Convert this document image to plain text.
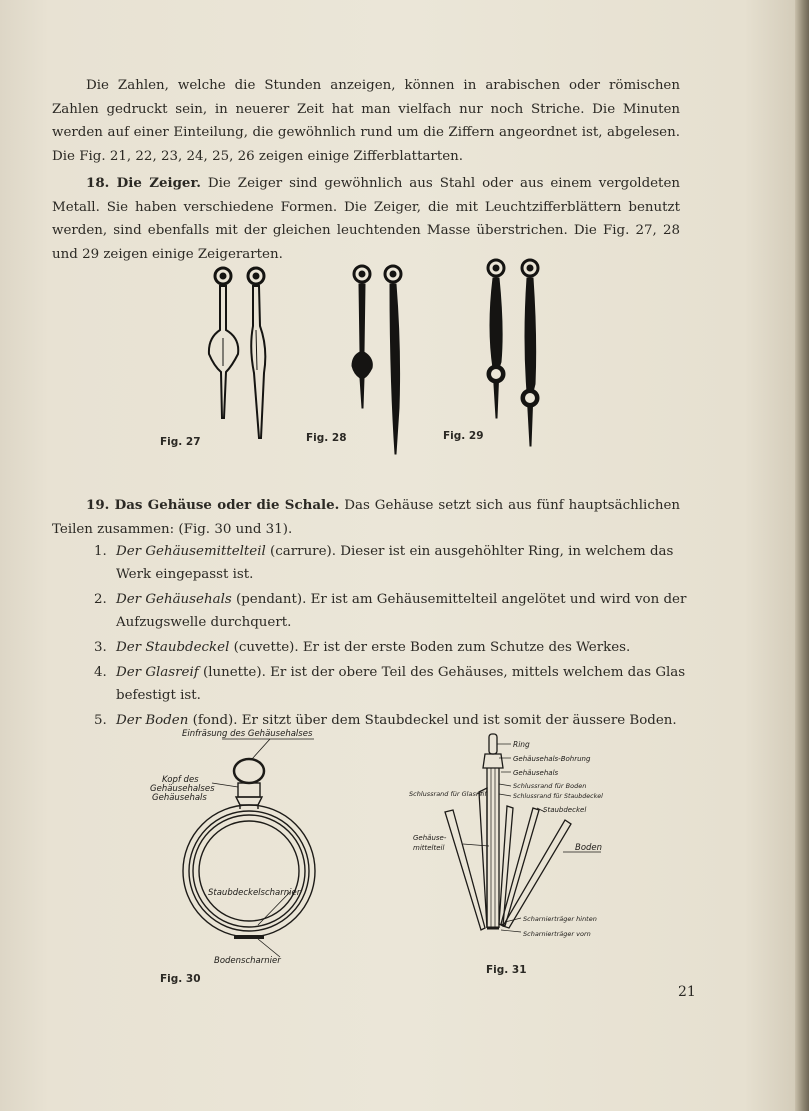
Die Zahlen, welche die Stunden anzeigen, können in arabischen oder römischen Zahlen gedruckt sein, in neuerer Zeit hat man vielfach nur noch Striche. Die Minuten werden auf einer Einteilung, die gewöhnlich rund um die Ziffern angeordnet ist, abgelesen. Die Fig. 21, 22, 23, 24, 25, 26 zeigen einige Zifferblattarten.
18. Die Zeiger. Die Zeiger sind gewöhnlich aus Stahl oder aus einem vergoldeten Metall. Sie haben verschiedene Formen. Die Zeiger, die mit Leuchtzifferblättern benutzt werden, sind ebenfalls mit der gleichen leuchtenden Masse überstrichen. Die Fig. 27, 28 und 29 zeigen einige Zeigerarten.
Fig. 27	Fig. 28	Fig. 29
19. Das Gehäuse oder die Schale. Das Gehäuse setzt sich aus fünf hauptsächlichen Teilen zusammen: (Fig. 30 und 31).
1. Der Gehäusemittelteil (carrure). Dieser ist ein ausgehöhlter Ring, in welchem das Werk eingepasst ist.
2. Der Gehäusehals (pendant). Er ist am Gehäusemittelteil angelötet und wird von der Aufzugswelle durchquert.
3. Der Staubdeckel (cuvette). Er ist der erste Boden zum Schutze des Werkes.
4. Der Glasreif (lunette). Er ist der obere Teil des Gehäuses, mittels welchem das Glas befestigt ist.
5. Der Boden (fond). Er sitzt über dem Staubdeckel und ist somit der äussere Boden.
Einfräsung des Gehäusehalses
Kopf des
Gehäusehalses
Gehäusehals
Staubdeckelscharnier
Bodenscharnier
Fig. 30
Ring
Gehäusehals-Bohrung
Gehäusehals
Schlussrand für Boden
Schlussrand für Staubdeckel
Schlussrand für Glasreif
Staubdeckel
Gehäuse-
mittelteil	Boden
Scharnierträger hinten
Scharnierträger vorn
Fig. 31
21
